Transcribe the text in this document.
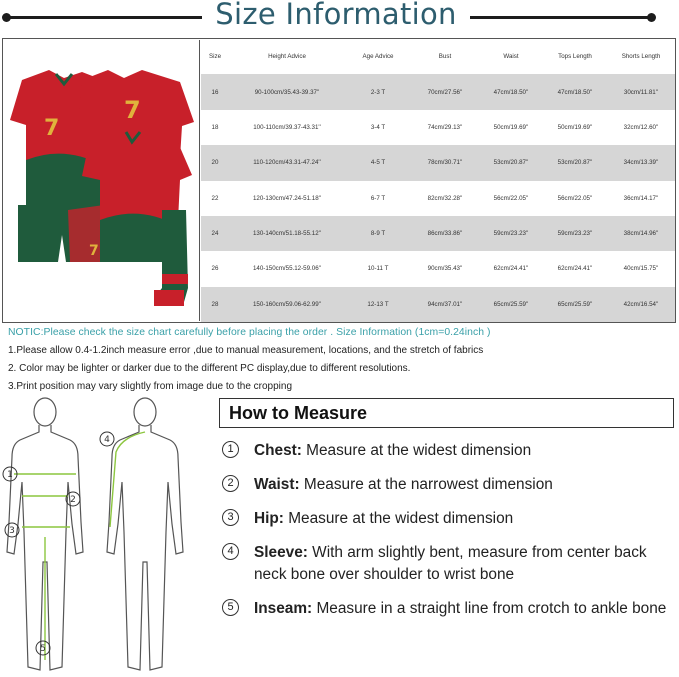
Size Information
7
7
7
Size	Height Advice	Age Advice	Bust	Waist	Tops Length	Shorts Length
16	90-100cm/35.43-39.37''	2-3 T	70cm/27.56''	47cm/18.50''	47cm/18.50''	30cm/11.81''
18	100-110cm/39.37-43.31''	3-4 T	74cm/29.13''	50cm/19.69''	50cm/19.69''	32cm/12.60''
20	110-120cm/43.31-47.24''	4-5 T	78cm/30.71''	53cm/20.87''	53cm/20.87''	34cm/13.39''
22	120-130cm/47.24-51.18''	6-7 T	82cm/32.28''	56cm/22.05''	56cm/22.05''	36cm/14.17''
24	130-140cm/51.18-55.12''	8-9 T	86cm/33.86''	59cm/23.23''	59cm/23.23''	38cm/14.96''
26	140-150cm/55.12-59.06''	10-11 T	90cm/35.43''	62cm/24.41''	62cm/24.41''	40cm/15.75''
28	150-160cm/59.06-62.99''	12-13 T	94cm/37.01''	65cm/25.59''	65cm/25.59''	42cm/16.54''
NOTIC:Please check the size chart carefully before placing the order . Size Information (1cm=0.24inch )
1.Please allow 0.4-1.2inch measure error ,due to manual measurement, locations, and the stretch of fabrics
2. Color may be lighter or darker due to the different PC display,due to different resolutions.
3.Print position may vary slightly from image due to the cropping
1
2
3
4
5
How to Measure
1	Chest: Measure at the widest dimension
2	Waist: Measure at the narrowest dimension
3	Hip: Measure at the widest dimension
4	Sleeve: With arm slightly bent, measure from center back neck bone over shoulder to wrist bone
5	Inseam: Measure in a straight line from crotch to ankle bone
